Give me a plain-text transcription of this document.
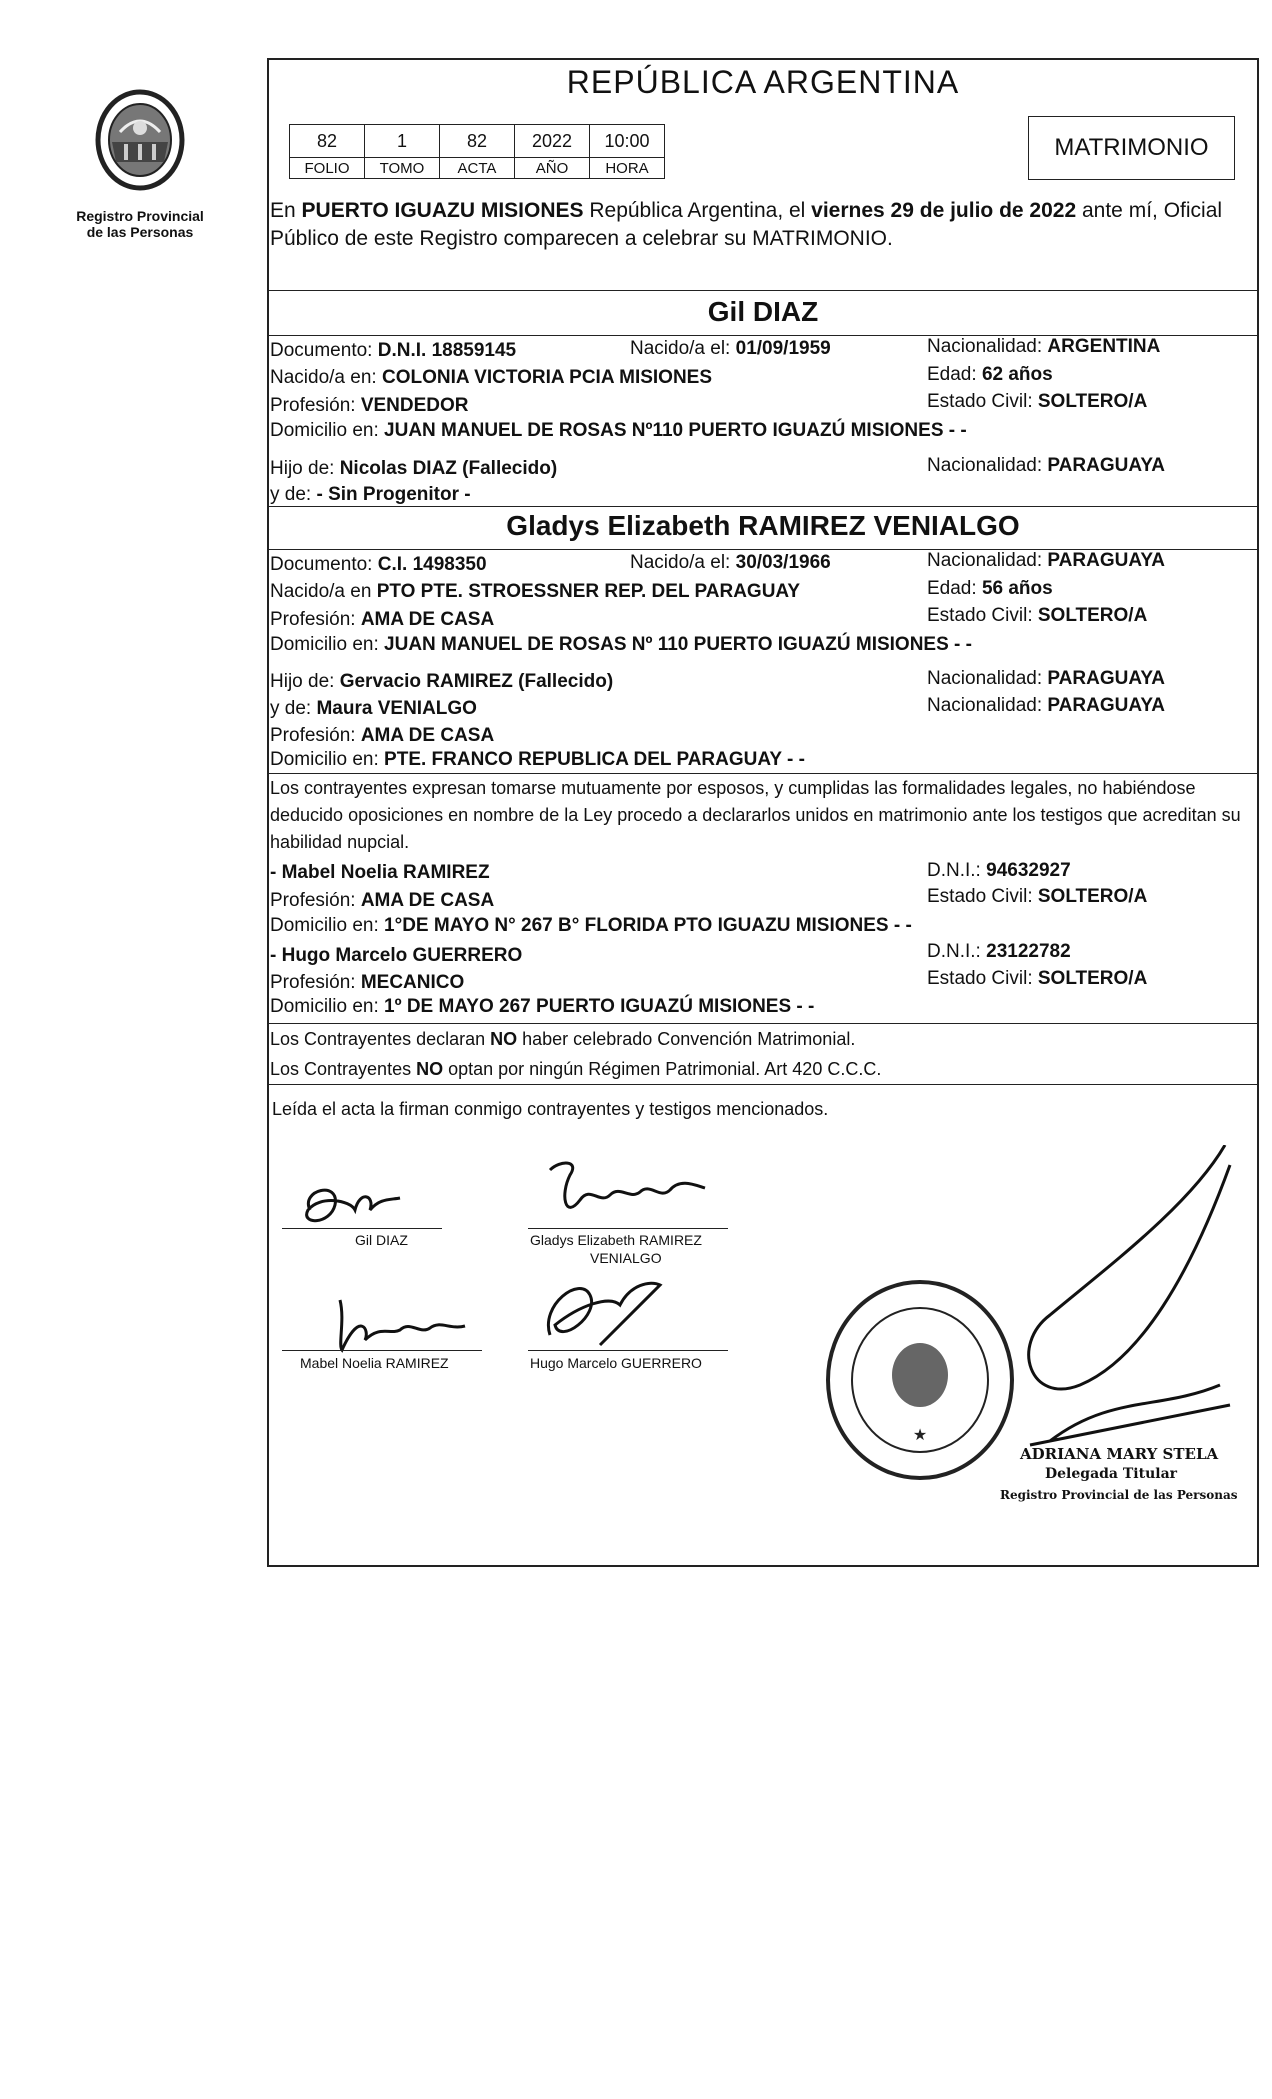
Registro Provincial
de las Personas
REPÚBLICA ARGENTINA
82	1	82	2022	10:00
FOLIO	TOMO	ACTA	AÑO	HORA
MATRIMONIO
En PUERTO IGUAZU MISIONES República Argentina, el viernes 29 de julio de 2022 ante mí, Oficial Público de este Registro comparecen a celebrar su MATRIMONIO.
Gil DIAZ
Documento: D.N.I. 18859145	Nacido/a el: 01/09/1959	Nacionalidad: ARGENTINA
Nacido/a en: COLONIA VICTORIA PCIA MISIONES	Edad: 62 años
Profesión: VENDEDOR	Estado Civil: SOLTERO/A
Domicilio en: JUAN MANUEL DE ROSAS Nº110 PUERTO IGUAZÚ MISIONES - -
Hijo de: Nicolas DIAZ (Fallecido)	Nacionalidad: PARAGUAYA
y de: - Sin Progenitor -
Gladys Elizabeth RAMIREZ VENIALGO
Documento: C.I. 1498350	Nacido/a el: 30/03/1966	Nacionalidad: PARAGUAYA
Nacido/a en PTO PTE. STROESSNER REP. DEL PARAGUAY	Edad: 56 años
Profesión: AMA DE CASA	Estado Civil: SOLTERO/A
Domicilio en: JUAN MANUEL DE ROSAS Nº 110 PUERTO IGUAZÚ MISIONES - -
Hijo de: Gervacio RAMIREZ (Fallecido)	Nacionalidad: PARAGUAYA
y de: Maura VENIALGO	Nacionalidad: PARAGUAYA
Profesión: AMA DE CASA
Domicilio en: PTE. FRANCO REPUBLICA DEL PARAGUAY - -
Los contrayentes expresan tomarse mutuamente por esposos, y cumplidas las formalidades legales, no habiéndose deducido oposiciones en nombre de la Ley procedo a declararlos unidos en matrimonio ante los testigos que acreditan su habilidad nupcial.
- Mabel Noelia RAMIREZ	D.N.I.: 94632927
Profesión: AMA DE CASA	Estado Civil: SOLTERO/A
Domicilio en: 1°DE MAYO N° 267 B° FLORIDA PTO IGUAZU MISIONES - -
- Hugo Marcelo GUERRERO	D.N.I.: 23122782
Profesión: MECANICO	Estado Civil: SOLTERO/A
Domicilio en: 1º DE MAYO 267 PUERTO IGUAZÚ MISIONES - -
Los Contrayentes declaran NO haber celebrado Convención Matrimonial.
Los Contrayentes NO optan por ningún Régimen Patrimonial. Art 420 C.C.C.
Leída el acta la firman conmigo contrayentes y testigos mencionados.
Gil DIAZ	Gladys Elizabeth RAMIREZ
VENIALGO
Mabel Noelia RAMIREZ	Hugo Marcelo GUERRERO
★
ADRIANA MARY STELA
Delegada Titular
Registro Provincial de las Personas
